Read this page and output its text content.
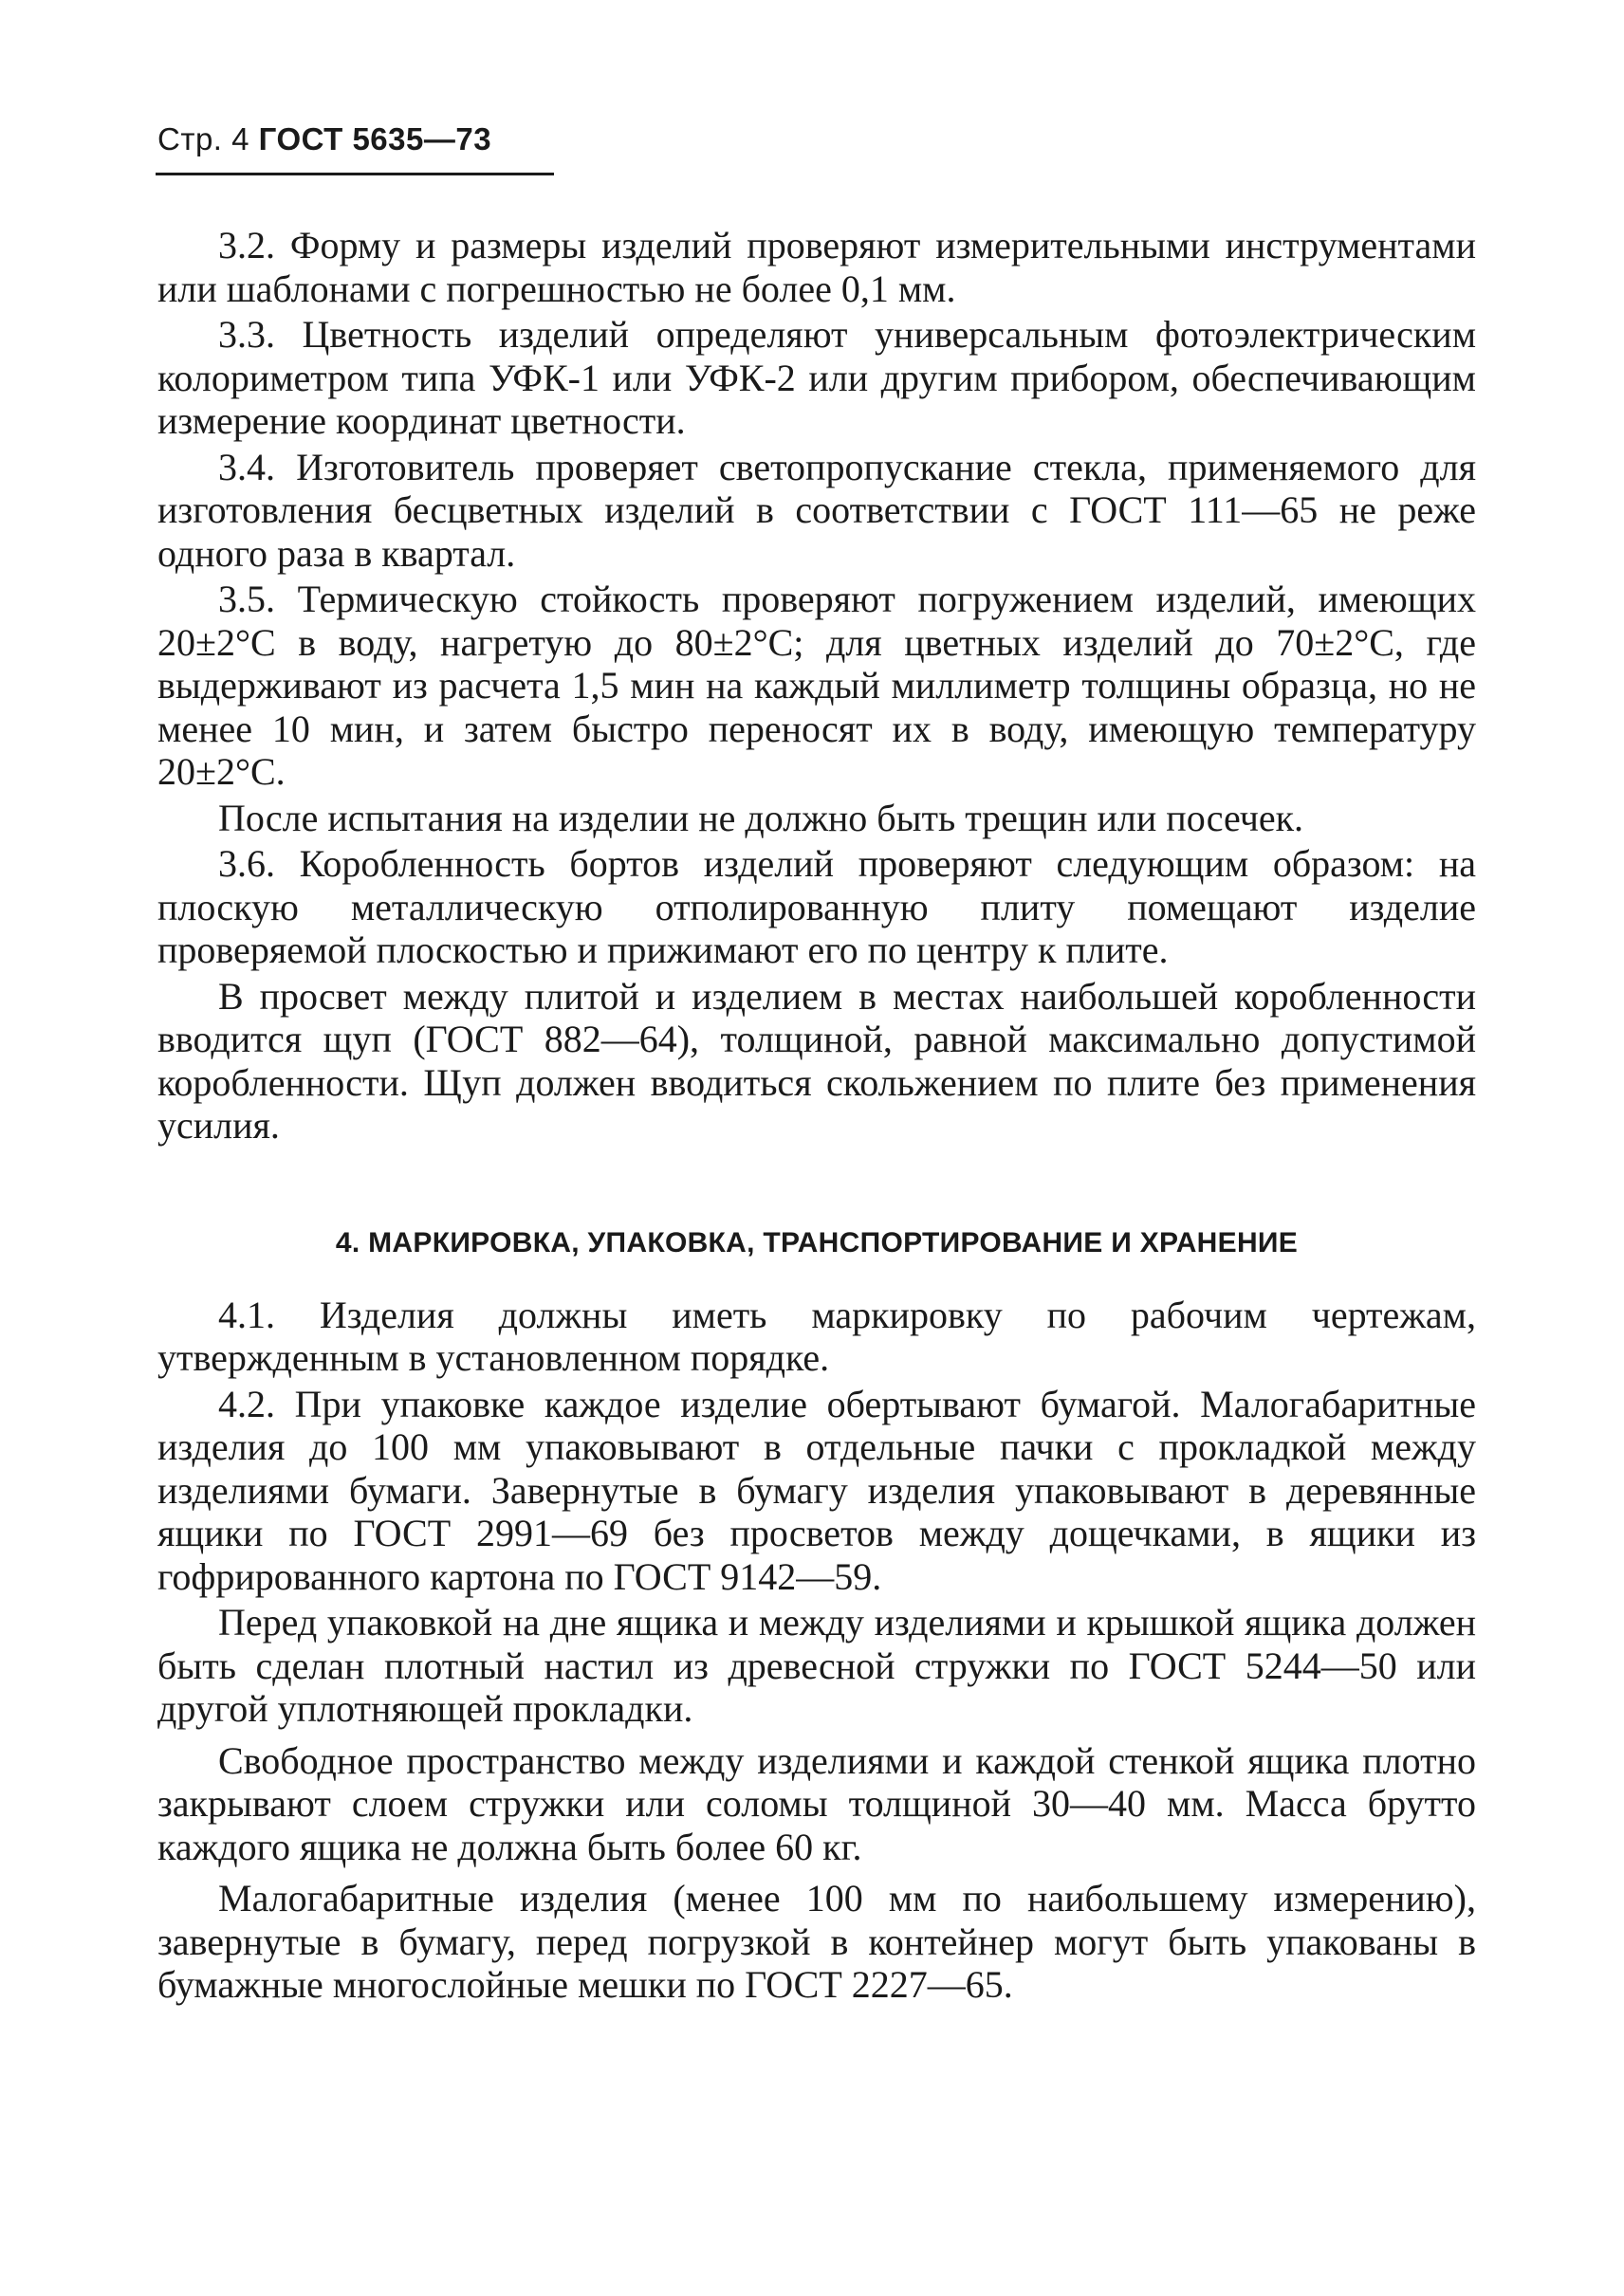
Стр. 4 ГОСТ 5635—73

3.2. Форму и размеры изделий проверяют измерительными инструментами или шаблонами с погрешностью не более 0,1 мм.

3.3. Цветность изделий определяют универсальным фотоэлектрическим колориметром типа УФК-1 или УФК-2 или другим прибором, обеспечивающим измерение координат цветности.

3.4. Изготовитель проверяет светопропускание стекла, применяемого для изготовления бесцветных изделий в соответствии с ГОСТ 111—65 не реже одного раза в квартал.

3.5. Термическую стойкость проверяют погружением изделий, имеющих 20±2°С в воду, нагретую до 80±2°С; для цветных изделий до 70±2°С, где выдерживают из расчета 1,5 мин на каждый миллиметр толщины образца, но не менее 10 мин, и затем быстро переносят их в воду, имеющую температуру 20±2°С.

После испытания на изделии не должно быть трещин или посечек.

3.6. Коробленность бортов изделий проверяют следующим образом: на плоскую металлическую отполированную плиту помещают изделие проверяемой плоскостью и прижимают его по центру к плите.

В просвет между плитой и изделием в местах наибольшей коробленности вводится щуп (ГОСТ 882—64), толщиной, равной максимально допустимой коробленности. Щуп должен вводиться скольжением по плите без применения усилия.

4. МАРКИРОВКА, УПАКОВКА, ТРАНСПОРТИРОВАНИЕ И ХРАНЕНИЕ

4.1. Изделия должны иметь маркировку по рабочим чертежам, утвержденным в установленном порядке.

4.2. При упаковке каждое изделие обертывают бумагой. Малогабаритные изделия до 100 мм упаковывают в отдельные пачки с прокладкой между изделиями бумаги. Завернутые в бумагу изделия упаковывают в деревянные ящики по ГОСТ 2991—69 без просветов между дощечками, в ящики из гофрированного картона по ГОСТ 9142—59.

Перед упаковкой на дне ящика и между изделиями и крышкой ящика должен быть сделан плотный настил из древесной стружки по ГОСТ 5244—50 или другой уплотняющей прокладки.

Свободное пространство между изделиями и каждой стенкой ящика плотно закрывают слоем стружки или соломы толщиной 30—40 мм. Масса брутто каждого ящика не должна быть более 60 кг.

Малогабаритные изделия (менее 100 мм по наибольшему измерению), завернутые в бумагу, перед погрузкой в контейнер могут быть упакованы в бумажные многослойные мешки по ГОСТ 2227—65.
